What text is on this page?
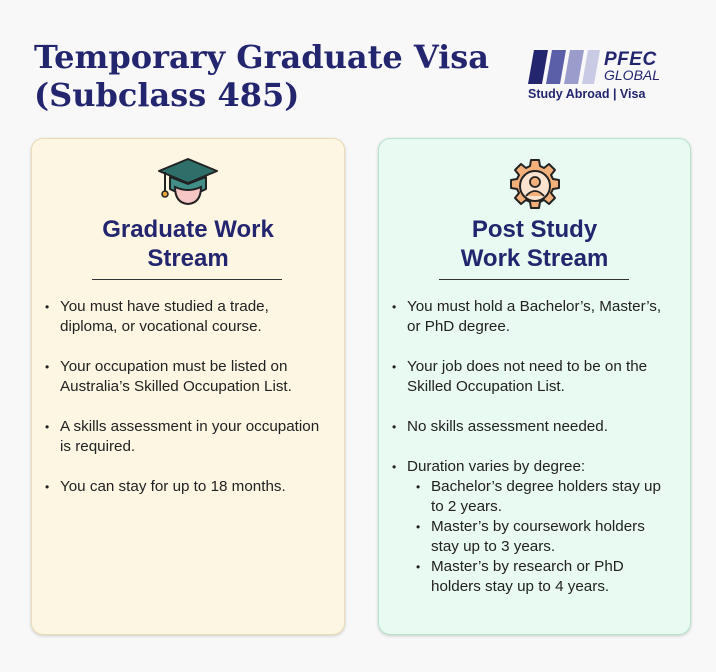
Temporary Graduate Visa
(Subclass 485)
PFEC
GLOBAL
Study Abroad | Visa
Graduate Work
Stream
• You must have studied a trade, diploma, or vocational course.
• Your occupation must be listed on Australia’s Skilled Occupation List.
• A skills assessment in your occupation is required.
• You can stay for up to 18 months.
Post Study
Work Stream
• You must hold a Bachelor’s, Master’s, or PhD degree.
• Your job does not need to be on the Skilled Occupation List.
• No skills assessment needed.
• Duration varies by degree:
• Bachelor’s degree holders stay up to 2 years.
• Master’s by coursework holders stay up to 3 years.
• Master’s by research or PhD holders stay up to 4 years.
